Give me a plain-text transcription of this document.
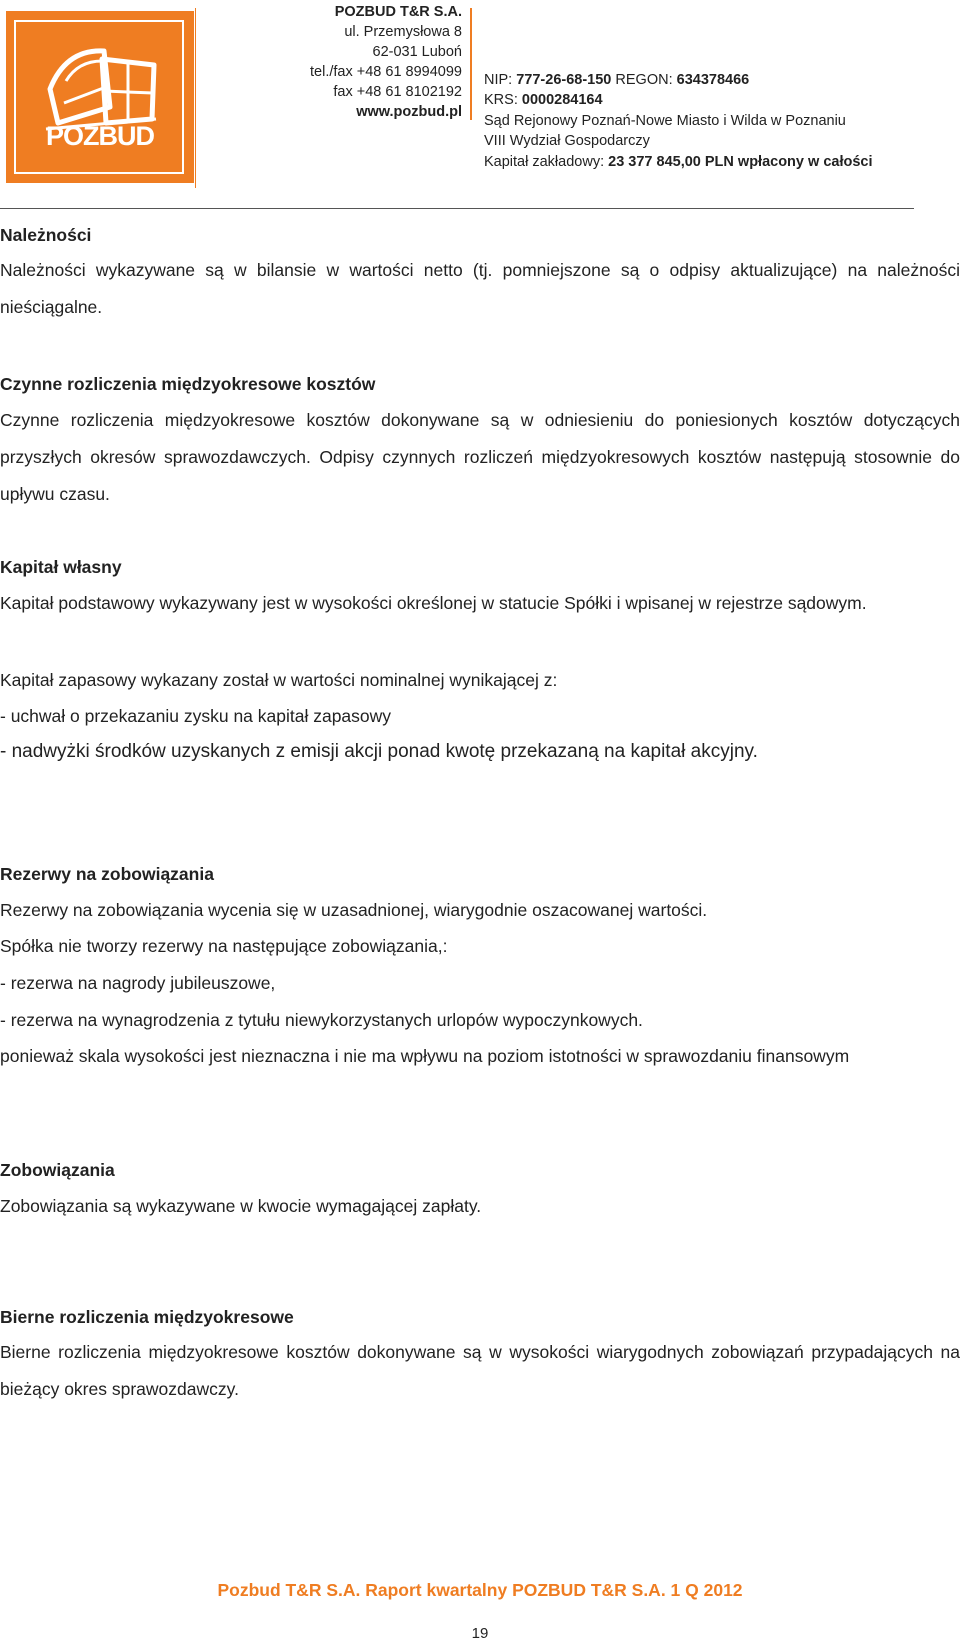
POZBUD
POZBUD T&R S.A.
ul. Przemysłowa 8
62-031 Luboń
tel./fax +48 61 8994099
fax +48 61 8102192
www.pozbud.pl
NIP: 777-26-68-150 REGON: 634378466
KRS: 0000284164
Sąd Rejonowy Poznań-Nowe Miasto i Wilda w Poznaniu
VIII Wydział Gospodarczy
Kapitał zakładowy: 23 377 845,00 PLN wpłacony w całości
Należności
Należności wykazywane są w bilansie w wartości netto (tj. pomniejszone są o odpisy aktualizujące) na należności nieściągalne.
Czynne rozliczenia międzyokresowe kosztów
Czynne rozliczenia międzyokresowe kosztów dokonywane są w odniesieniu do poniesionych kosztów dotyczących przyszłych okresów sprawozdawczych. Odpisy czynnych rozliczeń międzyokresowych kosztów następują stosownie do upływu czasu.
Kapitał własny
Kapitał podstawowy wykazywany jest w wysokości określonej w statucie Spółki i wpisanej w rejestrze sądowym.
Kapitał zapasowy wykazany został w wartości nominalnej wynikającej z:
- uchwał o przekazaniu zysku na kapitał zapasowy
- nadwyżki środków uzyskanych z emisji akcji ponad kwotę przekazaną na kapitał akcyjny.
Rezerwy na zobowiązania
Rezerwy na zobowiązania wycenia się w uzasadnionej, wiarygodnie oszacowanej wartości.
Spółka nie tworzy rezerwy na następujące zobowiązania,:
- rezerwa na nagrody jubileuszowe,
- rezerwa na wynagrodzenia z tytułu niewykorzystanych urlopów wypoczynkowych.
ponieważ skala wysokości jest nieznaczna i nie ma wpływu na poziom istotności w sprawozdaniu finansowym
Zobowiązania
Zobowiązania są wykazywane w kwocie wymagającej zapłaty.
Bierne rozliczenia międzyokresowe
Bierne rozliczenia międzyokresowe kosztów dokonywane są w wysokości wiarygodnych zobowiązań przypadających na bieżący okres sprawozdawczy.
Pozbud T&R S.A. Raport kwartalny POZBUD T&R S.A. 1 Q 2012
19
